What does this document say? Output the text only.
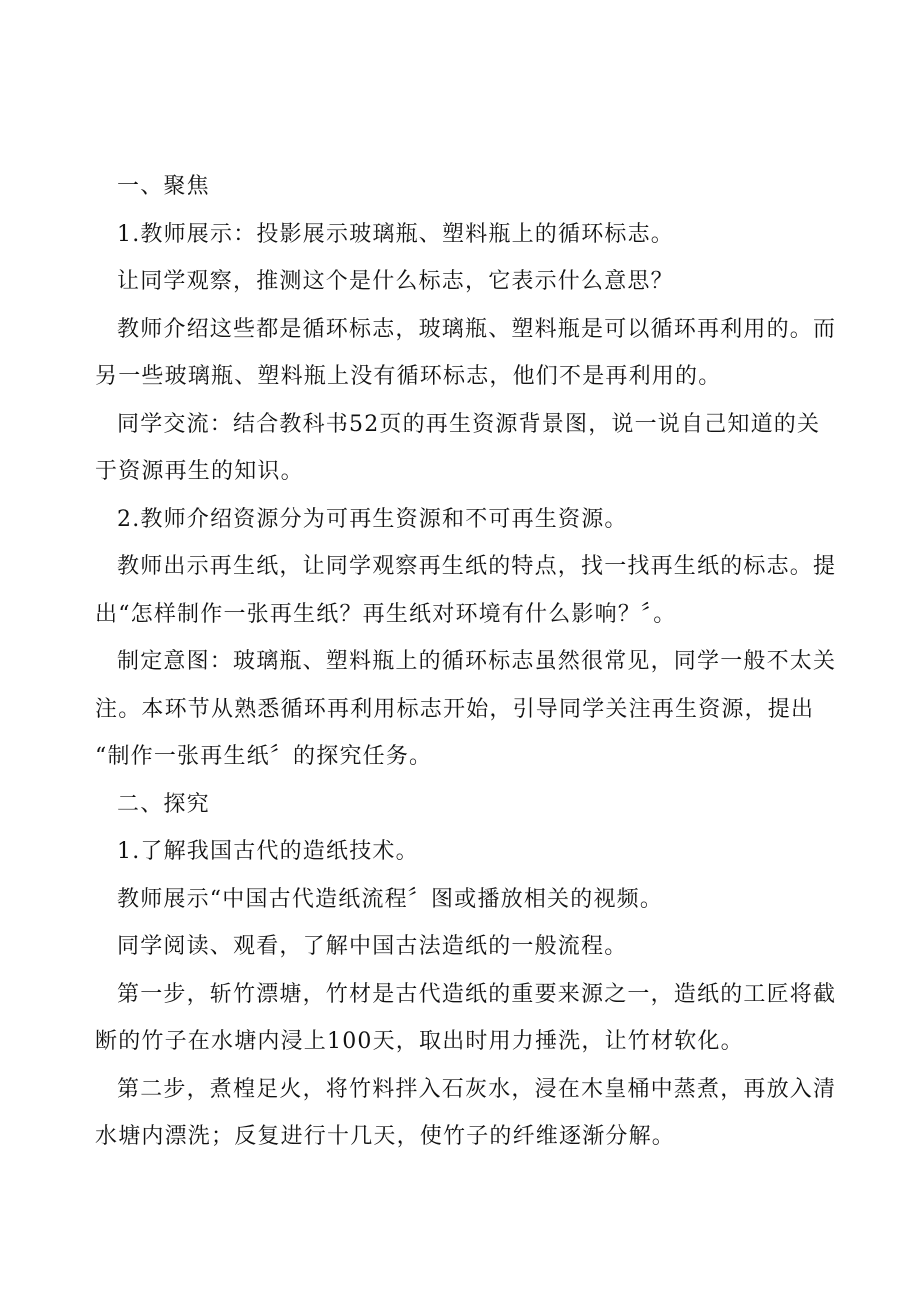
一、聚焦

1.教师展示：投影展示玻璃瓶、塑料瓶上的循环标志。

让同学观察，推测这个是什么标志，它表示什么意思？

教师介绍这些都是循环标志，玻璃瓶、塑料瓶是可以循环再利用的。而
另一些玻璃瓶、塑料瓶上没有循环标志，他们不是再利用的。

同学交流：结合教科书52页的再生资源背景图，说一说自己知道的关
于资源再生的知识。

2.教师介绍资源分为可再生资源和不可再生资源。

教师出示再生纸，让同学观察再生纸的特点，找一找再生纸的标志。提
出“怎样制作一张再生纸？再生纸对环境有什么影响？〞。

制定意图：玻璃瓶、塑料瓶上的循环标志虽然很常见，同学一般不太关
注。本环节从熟悉循环再利用标志开始，引导同学关注再生资源，提出
“制作一张再生纸〞的探究任务。

二、探究

1.了解我国古代的造纸技术。

教师展示“中国古代造纸流程〞图或播放相关的视频。

同学阅读、观看，了解中国古法造纸的一般流程。

第一步，斩竹漂塘，竹材是古代造纸的重要来源之一，造纸的工匠将截
断的竹子在水塘内浸上100天，取出时用力捶洗，让竹材软化。

第二步，煮楻足火，将竹料拌入石灰水，浸在木皇桶中蒸煮，再放入清
水塘内漂洗；反复进行十几天，使竹子的纤维逐渐分解。
